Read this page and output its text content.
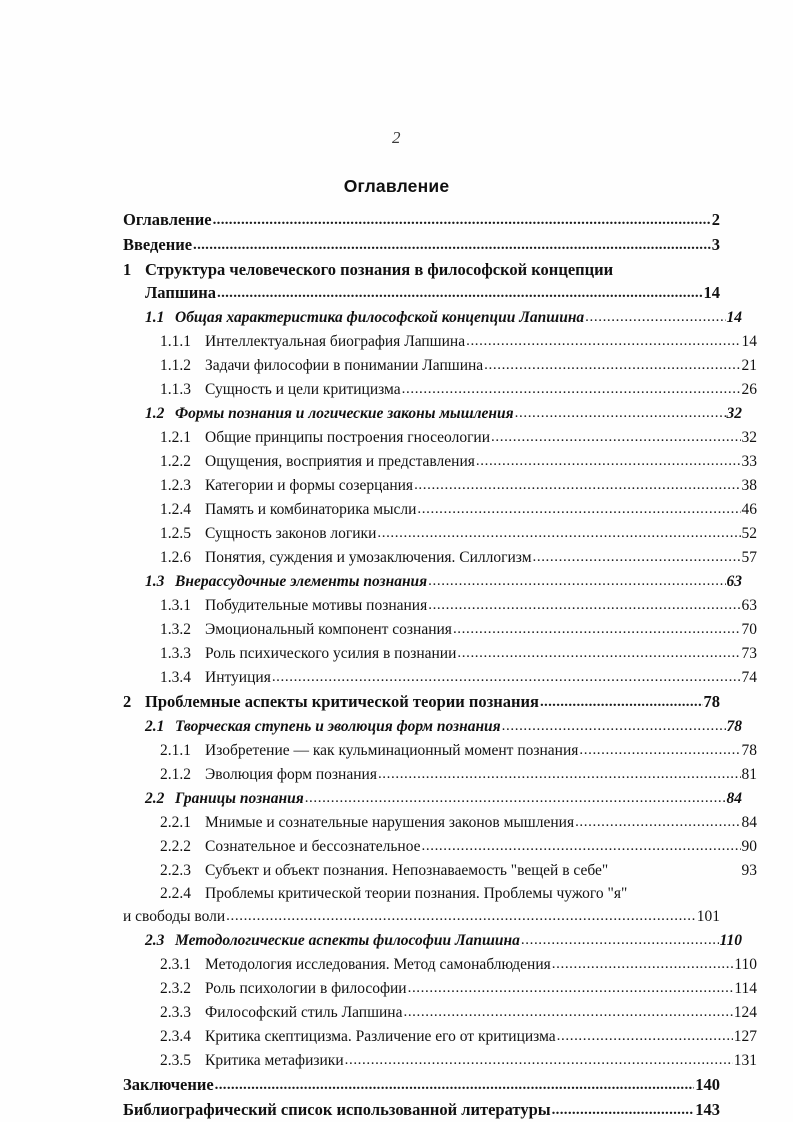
2
Оглавление
Оглавление .....	2
Введение .....	3
1 Структура человеческого познания в философской концепции
Лапшина .....	14
1.1 Общая характеристика философской концепции Лапшина .....	14
1.1.1 Интеллектуальная биография Лапшина .....	14
1.1.2 Задачи философии в понимании Лапшина .....	21
1.1.3 Сущность и цели критицизма .....	26
1.2 Формы познания и логические законы мышления .....	32
1.2.1 Общие принципы построения гносеологии .....	32
1.2.2 Ощущения, восприятия и представления .....	33
1.2.3 Категории и формы созерцания .....	38
1.2.4 Память и комбинаторика мысли .....	46
1.2.5 Сущность законов логики .....	52
1.2.6 Понятия, суждения и умозаключения. Силлогизм .....	57
1.3 Внерассудочные элементы познания .....	63
1.3.1 Побудительные мотивы познания .....	63
1.3.2 Эмоциональный компонент сознания .....	70
1.3.3 Роль психического усилия в познании .....	73
1.3.4 Интуиция .....	74
2 Проблемные аспекты критической теории познания .....	78
2.1 Творческая ступень и эволюция форм познания .....	78
2.1.1 Изобретение — как кульминационный момент познания .....	78
2.1.2 Эволюция форм познания .....	81
2.2 Границы познания .....	84
2.2.1 Мнимые и сознательные нарушения законов мышления .....	84
2.2.2 Сознательное и бессознательное .....	90
2.2.3 Субъект и объект познания. Непознаваемость "вещей в себе"	93
2.2.4 Проблемы критической теории познания. Проблемы чужого "я"
и свободы воли .....	101
2.3 Методологические аспекты философии Лапшина .....	110
2.3.1 Методология исследования. Метод самонаблюдения .....	110
2.3.2 Роль психологии в философии .....	114
2.3.3 Философский стиль Лапшина .....	124
2.3.4 Критика скептицизма. Различение его от критицизма .....	127
2.3.5 Критика метафизики .....	131
Заключение .....	140
Библиографический список использованной литературы .....	143
